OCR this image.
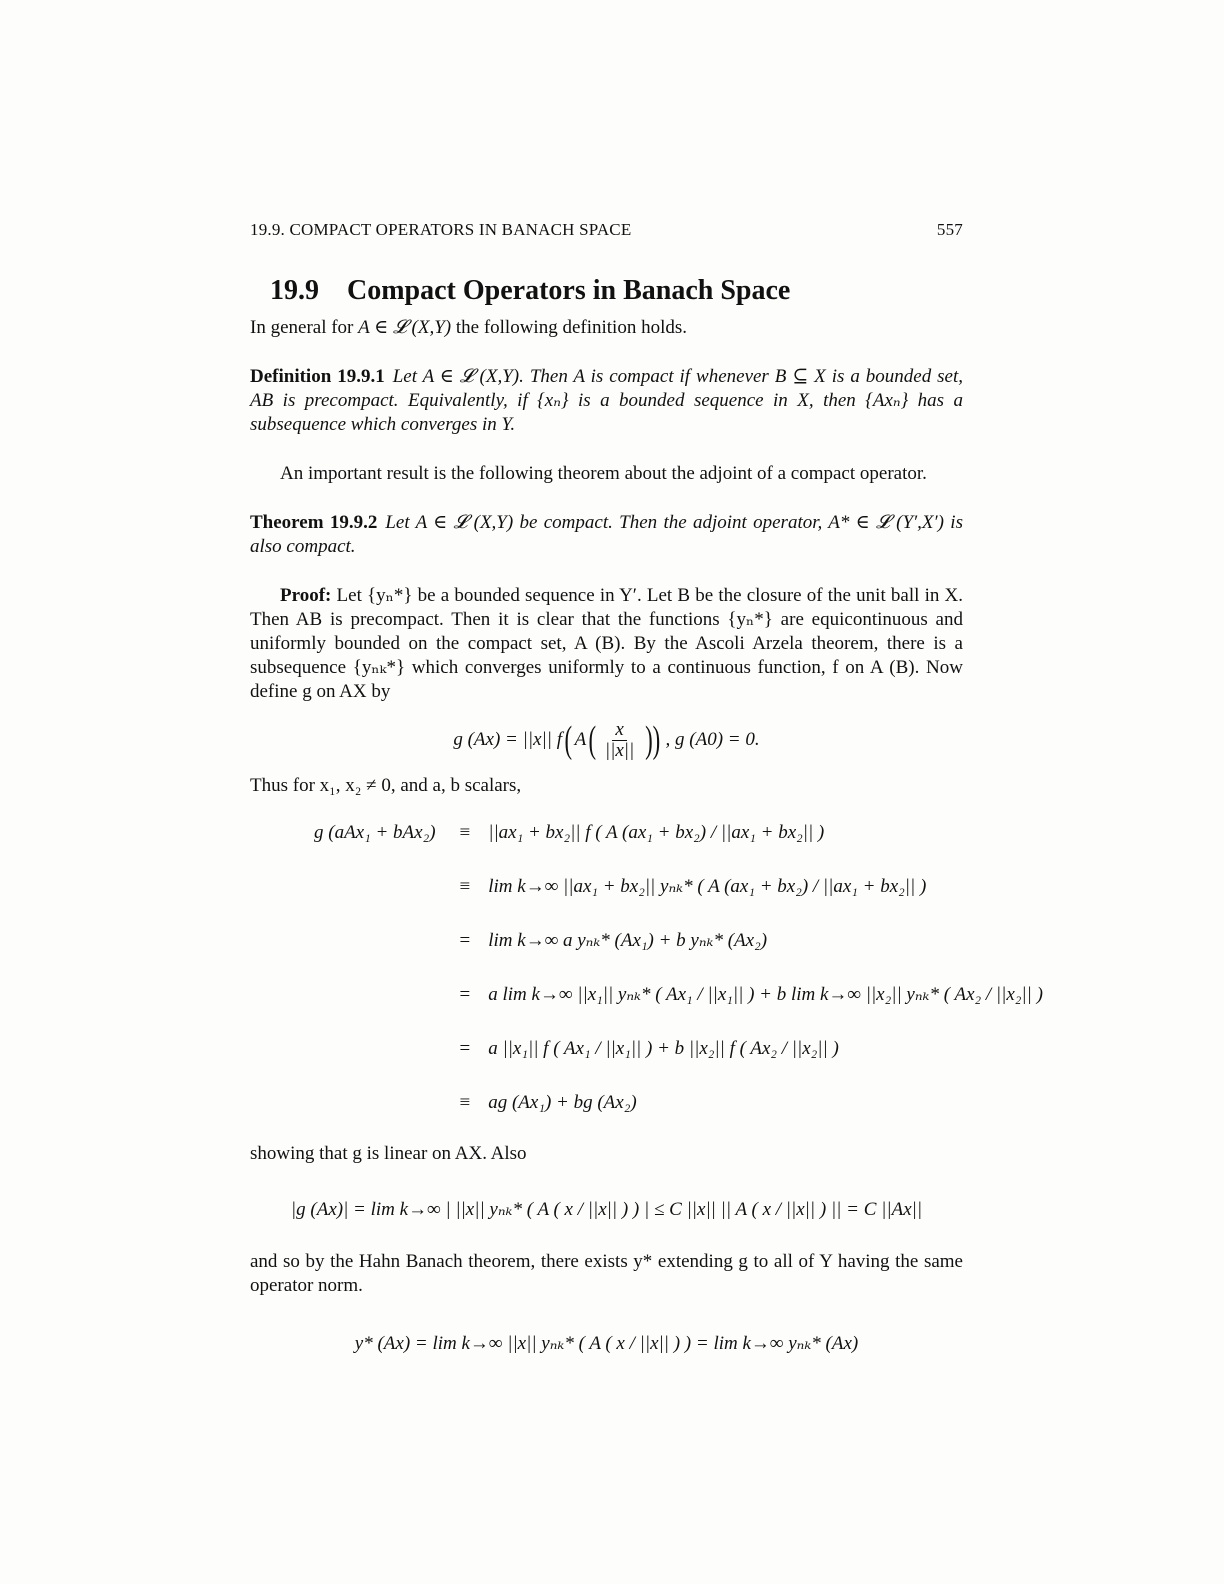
19.9. COMPACT OPERATORS IN BANACH SPACE	557
19.9 Compact Operators in Banach Space

In general for A ∈ 𝓛 (X,Y) the following definition holds.

Definition 19.9.1 Let A ∈ 𝓛 (X,Y). Then A is compact if whenever B ⊆ X is a bounded set, AB is precompact. Equivalently, if {xₙ} is a bounded sequence in X, then {Axₙ} has a subsequence which converges in Y.

An important result is the following theorem about the adjoint of a compact operator.

Theorem 19.9.2 Let A ∈ 𝓛 (X,Y) be compact. Then the adjoint operator, A* ∈ 𝓛 (Y′,X′) is also compact.

Proof: Let {yₙ*} be a bounded sequence in Y′. Let B be the closure of the unit ball in X. Then AB is precompact. Then it is clear that the functions {yₙ*} are equicontinuous and uniformly bounded on the compact set, A (B). By the Ascoli Arzela theorem, there is a subsequence {yₙₖ*} which converges uniformly to a continuous function, f on A (B). Now define g on AX by

g (Ax) = ||x|| f ( A ( $\frac{x}{||x||}$ )) , g (A0) = 0.

Thus for x₁, x₂ ≠ 0, and a, b scalars,

g (aAx₁ + bAx₂)	≡	||ax₁ + bx₂|| f ( A (ax₁ + bx₂) / ||ax₁ + bx₂|| )
	≡	lim k→∞ ||ax₁ + bx₂|| yₙₖ* ( A (ax₁ + bx₂) / ||ax₁ + bx₂|| )
	=	lim k→∞ a yₙₖ* (Ax₁) + b yₙₖ* (Ax₂)
	=	a lim k→∞ ||x₁|| yₙₖ* ( Ax₁ / ||x₁|| ) + b lim k→∞ ||x₂|| yₙₖ* ( Ax₂ / ||x₂|| )
	=	a ||x₁|| f ( Ax₁ / ||x₁|| ) + b ||x₂|| f ( Ax₂ / ||x₂|| )
	≡	ag (Ax₁) + bg (Ax₂)

showing that g is linear on AX. Also

|g (Ax)| = lim k→∞ | ||x|| yₙₖ* ( A ( x / ||x|| ) ) | ≤ C ||x|| || A ( x / ||x|| ) || = C ||Ax||

and so by the Hahn Banach theorem, there exists y* extending g to all of Y having the same operator norm.

y* (Ax) = lim k→∞ ||x|| yₙₖ* ( A ( x / ||x|| ) ) = lim k→∞ yₙₖ* (Ax)
